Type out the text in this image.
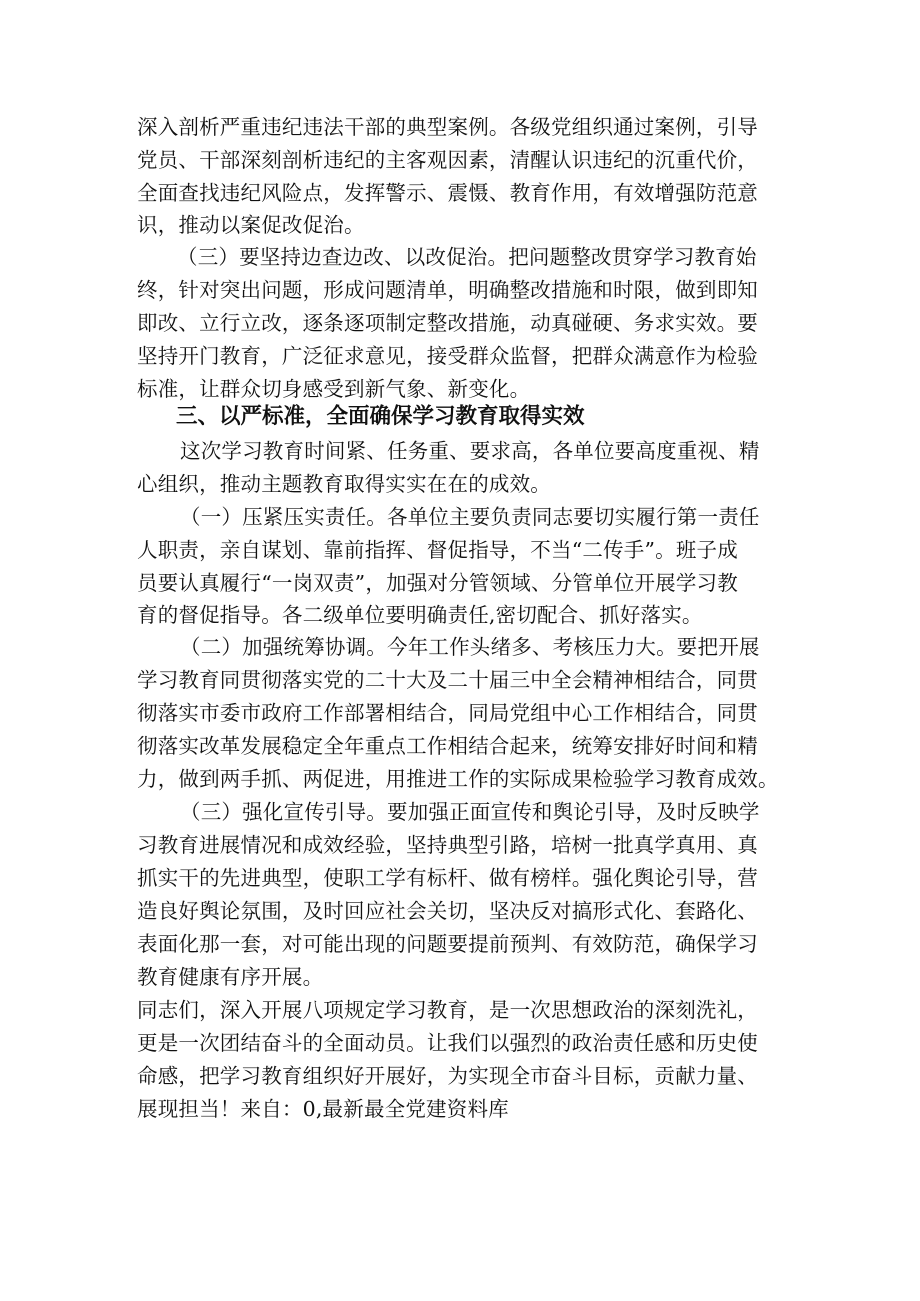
深入剖析严重违纪违法干部的典型案例。各级党组织通过案例，引导
党员、干部深刻剖析违纪的主客观因素，清醒认识违纪的沉重代价，
全面查找违纪风险点，发挥警示、震慑、教育作用，有效增强防范意
识，推动以案促改促治。
（三）要坚持边查边改、以改促治。把问题整改贯穿学习教育始
终，针对突出问题，形成问题清单，明确整改措施和时限，做到即知
即改、立行立改，逐条逐项制定整改措施，动真碰硬、务求实效。要
坚持开门教育，广泛征求意见，接受群众监督，把群众满意作为检验
标准，让群众切身感受到新气象、新变化。
三、以严标准，全面确保学习教育取得实效
这次学习教育时间紧、任务重、要求高，各单位要高度重视、精
心组织，推动主题教育取得实实在在的成效。
（一）压紧压实责任。各单位主要负责同志要切实履行第一责任
人职责，亲自谋划、靠前指挥、督促指导，不当“二传手”。班子成
员要认真履行“一岗双责”，加强对分管领域、分管单位开展学习教
育的督促指导。各二级单位要明确责任,密切配合、抓好落实。
（二）加强统筹协调。今年工作头绪多、考核压力大。要把开展
学习教育同贯彻落实党的二十大及二十届三中全会精神相结合，同贯
彻落实市委市政府工作部署相结合，同局党组中心工作相结合，同贯
彻落实改革发展稳定全年重点工作相结合起来，统筹安排好时间和精
力，做到两手抓、两促进，用推进工作的实际成果检验学习教育成效。
（三）强化宣传引导。要加强正面宣传和舆论引导，及时反映学
习教育进展情况和成效经验，坚持典型引路，培树一批真学真用、真
抓实干的先进典型，使职工学有标杆、做有榜样。强化舆论引导，营
造良好舆论氛围，及时回应社会关切，坚决反对搞形式化、套路化、
表面化那一套，对可能出现的问题要提前预判、有效防范，确保学习
教育健康有序开展。
同志们，深入开展八项规定学习教育，是一次思想政治的深刻洗礼，
更是一次团结奋斗的全面动员。让我们以强烈的政治责任感和历史使
命感，把学习教育组织好开展好，为实现全市奋斗目标，贡献力量、
展现担当！来自：0,最新最全党建资料库
